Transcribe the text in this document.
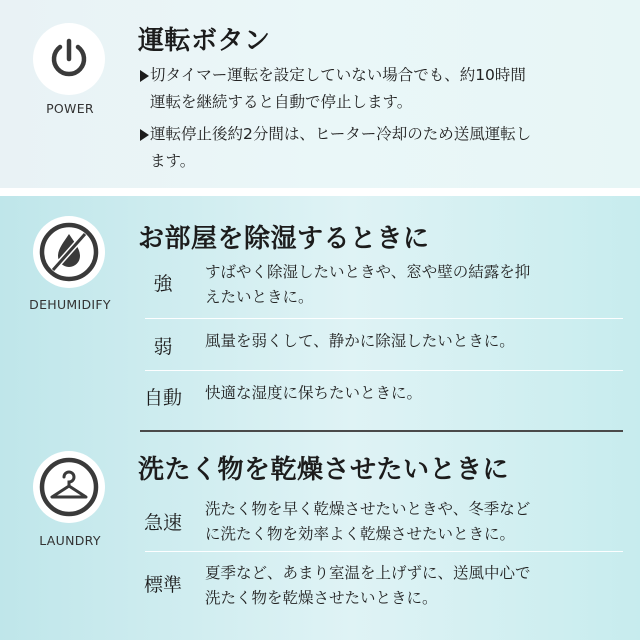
POWER
運転ボタン
切タイマー運転を設定していない場合でも、約10時間
運転を継続すると自動で停止します。
運転停止後約2分間は、ヒーター冷却のため送風運転し
ます。
DEHUMIDIFY
お部屋を除湿するときに
強
すばやく除湿したいときや、窓や壁の結露を抑
えたいときに。
弱	風量を弱くして、静かに除湿したいときに。
自動 快適な湿度に保ちたいときに。
LAUNDRY
洗たく物を乾燥させたいときに
急速
洗たく物を早く乾燥させたいときや、冬季など
に洗たく物を効率よく乾燥させたいときに。
標準
夏季など、あまり室温を上げずに、送風中心で
洗たく物を乾燥させたいときに。
